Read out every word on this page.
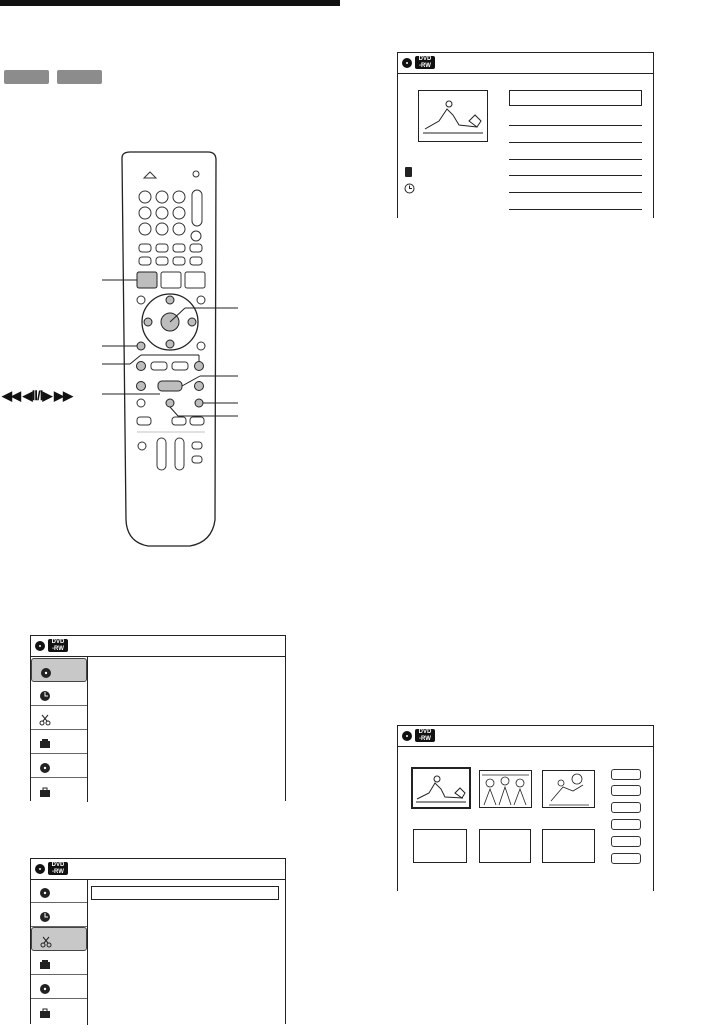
◀◀ ◀Ⅱ/Ⅰ▶ ▶▶
DVD
-RW
DVD
-RW
DVD
-RW
DVD
-RW
